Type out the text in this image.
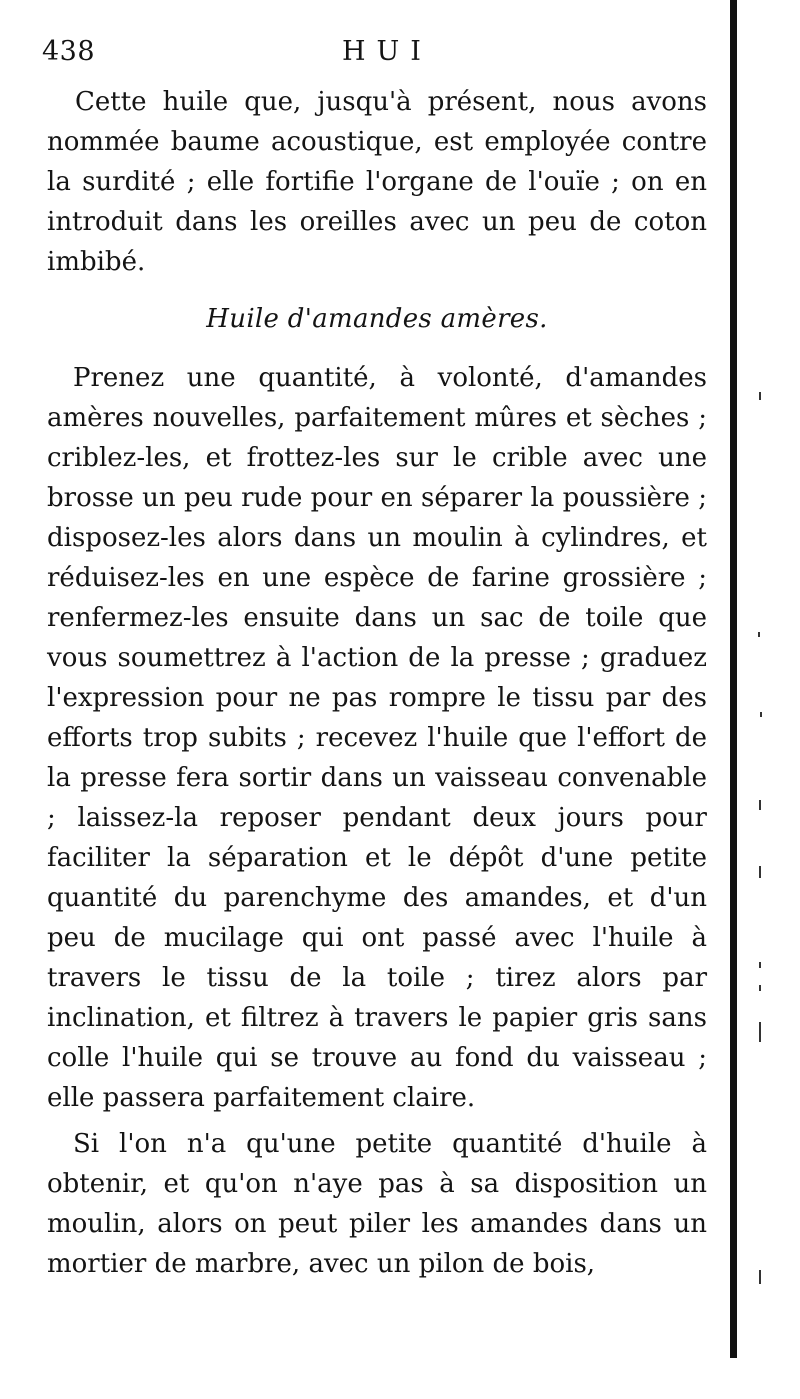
438	HUI

Cette huile que, jusqu'à présent, nous avons nommée baume acoustique, est employée contre la surdité ; elle fortifie l'organe de l'ouïe ; on en introduit dans les oreilles avec un peu de coton imbibé.

Huile d'amandes amères.

Prenez une quantité, à volonté, d'amandes amères nouvelles, parfaitement mûres et sèches ; criblez-les, et frottez-les sur le crible avec une brosse un peu rude pour en séparer la poussière ; disposez-les alors dans un moulin à cylindres, et réduisez-les en une espèce de farine grossière ; renfermez-les ensuite dans un sac de toile que vous soumettrez à l'action de la presse ; graduez l'expression pour ne pas rompre le tissu par des efforts trop subits ; recevez l'huile que l'effort de la presse fera sortir dans un vaisseau convenable ; laissez-la reposer pendant deux jours pour faciliter la séparation et le dépôt d'une petite quantité du parenchyme des amandes, et d'un peu de mucilage qui ont passé avec l'huile à travers le tissu de la toile ; tirez alors par inclination, et filtrez à travers le papier gris sans colle l'huile qui se trouve au fond du vaisseau ; elle passera parfaitement claire.

Si l'on n'a qu'une petite quantité d'huile à obtenir, et qu'on n'aye pas à sa disposition un moulin, alors on peut piler les amandes dans un mortier de marbre, avec un pilon de bois,
